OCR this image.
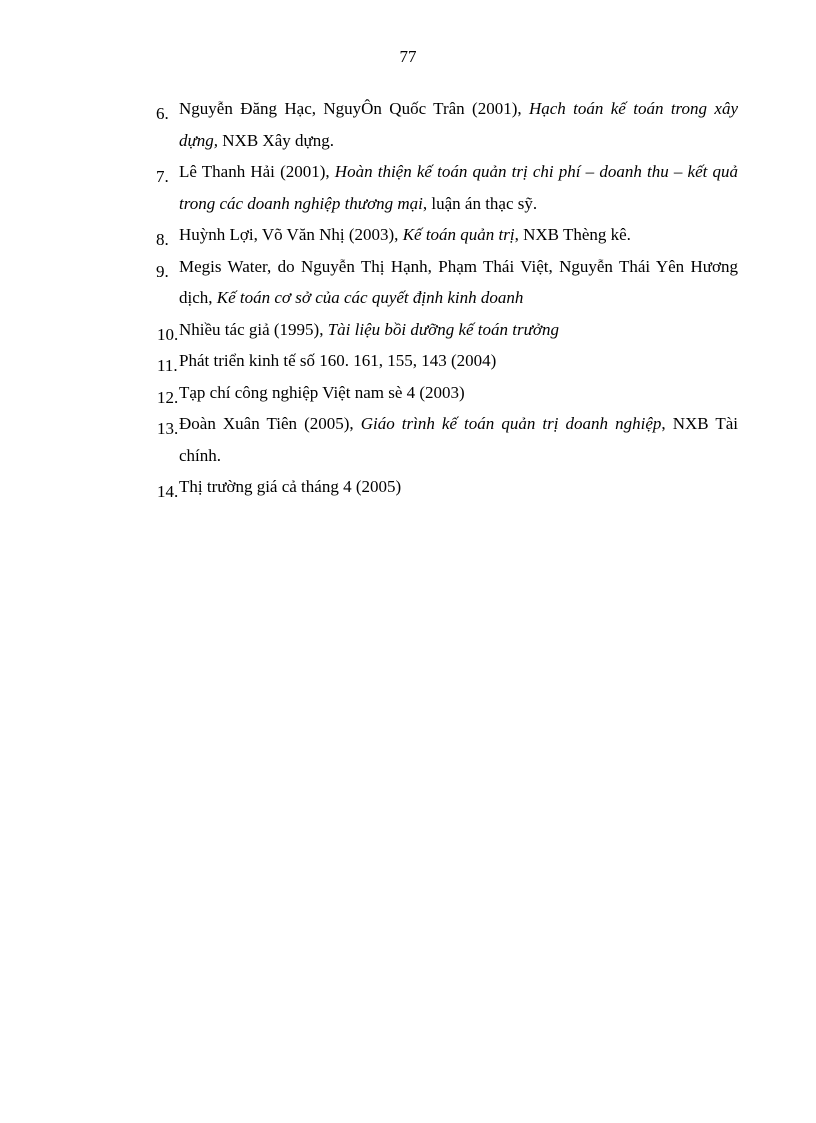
77
6. Nguyễn Đăng Hạc, NguyÔn Quốc Trân (2001), Hạch toán kế toán trong xây dựng, NXB Xây dựng.
7. Lê Thanh Hải (2001), Hoàn thiện kế toán quản trị chi phí – doanh thu – kết quả trong các doanh nghiệp thương mại, luận án thạc sỹ.
8. Huỳnh Lợi, Võ Văn Nhị (2003), Kế toán quản trị, NXB Thèng kê.
9. Megis Water, do Nguyễn Thị Hạnh, Phạm Thái Việt, Nguyễn Thái Yên Hương dịch, Kế toán cơ sở của các quyết định kinh doanh
10. Nhiều tác giả (1995), Tài liệu bồi dưỡng kế toán trưởng
11. Phát triển kinh tế số 160. 161, 155, 143 (2004)
12. Tạp chí công nghiệp Việt nam sè 4 (2003)
13. Đoàn Xuân Tiên (2005), Giáo trình kế toán quản trị doanh nghiệp, NXB Tài chính.
14. Thị trường giá cả tháng 4 (2005)
